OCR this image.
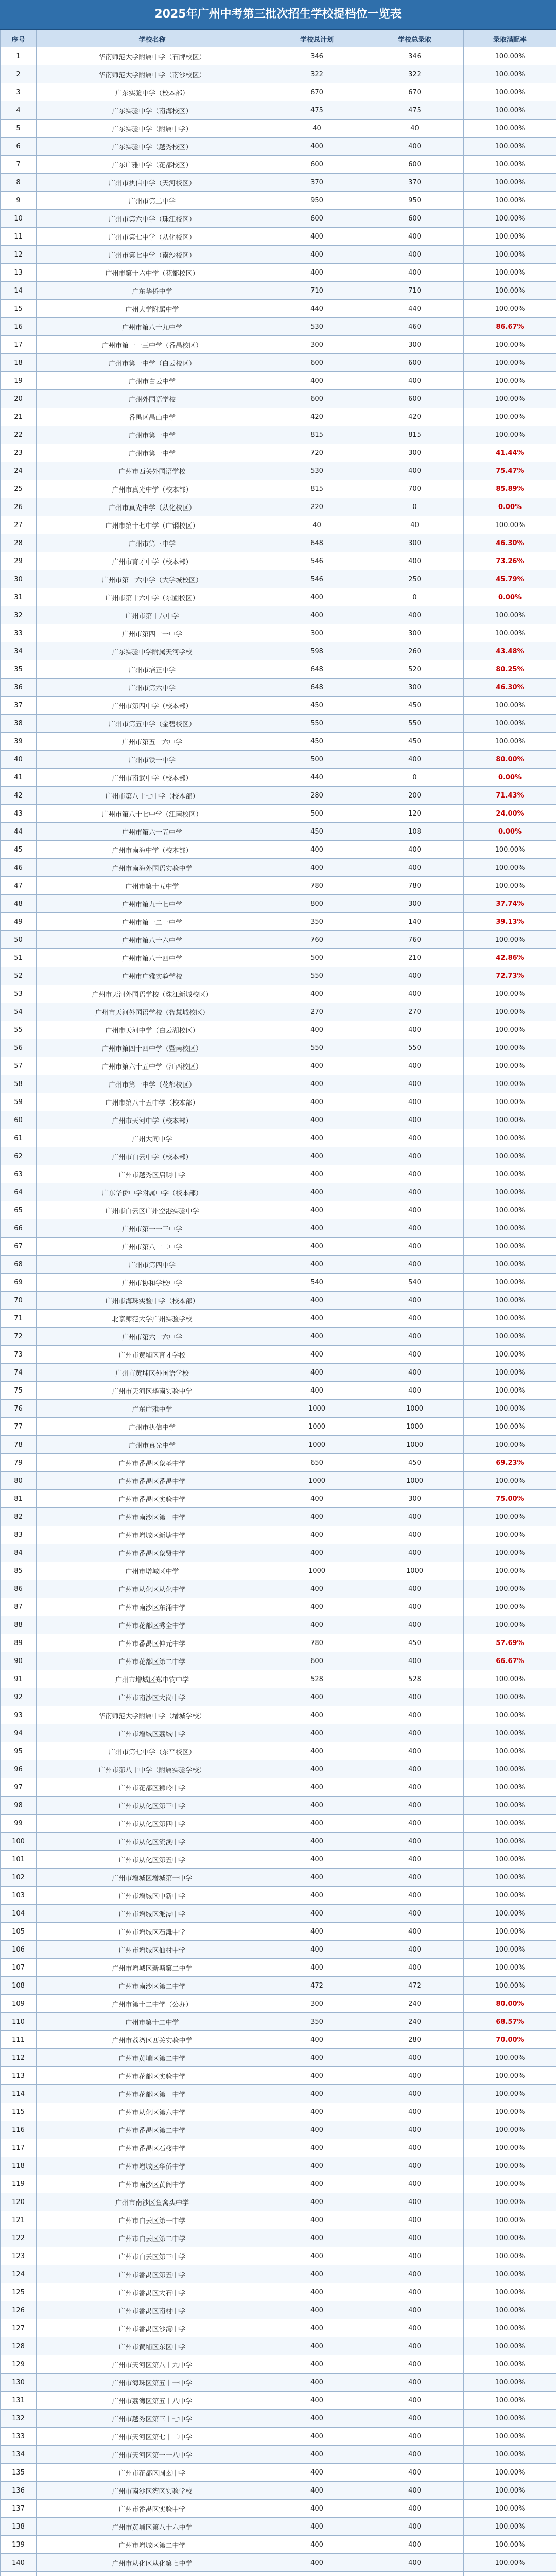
2025年广州中考第三批次招生学校提档位一览表
序号	学校名称	学校总计划	学校总录取	录取满配率
1	华南师范大学附属中学（石牌校区）	346	346	100.00%
2	华南师范大学附属中学（南沙校区）	322	322	100.00%
3	广东实验中学（校本部）	670	670	100.00%
4	广东实验中学（南海校区）	475	475	100.00%
5	广东实验中学（附属中学）	40	40	100.00%
6	广东实验中学（越秀校区）	400	400	100.00%
7	广东广雅中学（花都校区）	600	600	100.00%
8	广州市执信中学（天河校区）	370	370	100.00%
9	广州市第二中学	950	950	100.00%
10	广州市第六中学（珠江校区）	600	600	100.00%
11	广州市第七中学（从化校区）	400	400	100.00%
12	广州市第七中学（南沙校区）	400	400	100.00%
13	广州市第十六中学（花都校区）	400	400	100.00%
14	广东华侨中学	710	710	100.00%
15	广州大学附属中学	440	440	100.00%
16	广州市第八十九中学	530	460	86.67%
17	广州市第一一三中学（番禺校区）	300	300	100.00%
18	广州市第一中学（白云校区）	600	600	100.00%
19	广州市白云中学	400	400	100.00%
20	广州外国语学校	600	600	100.00%
21	番禺区禺山中学	420	420	100.00%
22	广州市第一中学	815	815	100.00%
23	广州市第一中学	720	300	41.44%
24	广州市西关外国语学校	530	400	75.47%
25	广州市真光中学（校本部）	815	700	85.89%
26	广州市真光中学（从化校区）	220	0	0.00%
27	广州市第十七中学（广钢校区）	40	40	100.00%
28	广州市第三中学	648	300	46.30%
29	广州市育才中学（校本部）	546	400	73.26%
30	广州市第十六中学（大学城校区）	546	250	45.79%
31	广州市第十六中学（东圃校区）	400	0	0.00%
32	广州市第十八中学	400	400	100.00%
33	广州市第四十一中学	300	300	100.00%
34	广东实验中学附属天河学校	598	260	43.48%
35	广州市培正中学	648	520	80.25%
36	广州市第六中学	648	300	46.30%
37	广州市第四中学（校本部）	450	450	100.00%
38	广州市第五中学（金碧校区）	550	550	100.00%
39	广州市第五十六中学	450	450	100.00%
40	广州市铁一中学	500	400	80.00%
41	广州市南武中学（校本部）	440	0	0.00%
42	广州市第八十七中学（校本部）	280	200	71.43%
43	广州市第八十七中学（江南校区）	500	120	24.00%
44	广州市第六十五中学	450	108	0.00%
45	广州市南海中学（校本部）	400	400	100.00%
46	广州市南海外国语实验中学	400	400	100.00%
47	广州市第十五中学	780	780	100.00%
48	广州市第九十七中学	800	300	37.74%
49	广州市第一二一中学	350	140	39.13%
50	广州市第八十六中学	760	760	100.00%
51	广州市第八十四中学	500	210	42.86%
52	广州市广雅实验学校	550	400	72.73%
53	广州市天河外国语学校（珠江新城校区）	400	400	100.00%
54	广州市天河外国语学校（智慧城校区）	270	270	100.00%
55	广州市天河中学（白云湖校区）	400	400	100.00%
56	广州市第四十四中学（暨南校区）	550	550	100.00%
57	广州市第六十五中学（江西校区）	400	400	100.00%
58	广州市第一中学（花都校区）	400	400	100.00%
59	广州市第八十五中学（校本部）	400	400	100.00%
60	广州市天河中学（校本部）	400	400	100.00%
61	广州大同中学	400	400	100.00%
62	广州市白云中学（校本部）	400	400	100.00%
63	广州市越秀区启明中学	400	400	100.00%
64	广东华侨中学附属中学（校本部）	400	400	100.00%
65	广州市白云区广州空港实验中学	400	400	100.00%
66	广州市第一一三中学	400	400	100.00%
67	广州市第八十二中学	400	400	100.00%
68	广州市第四中学	400	400	100.00%
69	广州市协和学校中学	540	540	100.00%
70	广州市海珠实验中学（校本部）	400	400	100.00%
71	北京师范大学广州实验学校	400	400	100.00%
72	广州市第六十六中学	400	400	100.00%
73	广州市黄埔区育才学校	400	400	100.00%
74	广州市黄埔区外国语学校	400	400	100.00%
75	广州市天河区华南实验中学	400	400	100.00%
76	广东广雅中学	1000	1000	100.00%
77	广州市执信中学	1000	1000	100.00%
78	广州市真光中学	1000	1000	100.00%
79	广州市番禺区象圣中学	650	450	69.23%
80	广州市番禺区番禺中学	1000	1000	100.00%
81	广州市番禺区实验中学	400	300	75.00%
82	广州市南沙区第一中学	400	400	100.00%
83	广州市增城区新塘中学	400	400	100.00%
84	广州市番禺区象贤中学	400	400	100.00%
85	广州市增城区中学	1000	1000	100.00%
86	广州市从化区从化中学	400	400	100.00%
87	广州市南沙区东涌中学	400	400	100.00%
88	广州市花都区秀全中学	400	400	100.00%
89	广州市番禺区仲元中学	780	450	57.69%
90	广州市花都区第二中学	600	400	66.67%
91	广州市增城区郑中钧中学	528	528	100.00%
92	广州市南沙区大岗中学	400	400	100.00%
93	华南师范大学附属中学（增城学校）	400	400	100.00%
94	广州市增城区荔城中学	400	400	100.00%
95	广州市第七中学（东平校区）	400	400	100.00%
96	广州市第八十中学（附属实验学校）	400	400	100.00%
97	广州市花都区狮岭中学	400	400	100.00%
98	广州市从化区第三中学	400	400	100.00%
99	广州市从化区第四中学	400	400	100.00%
100	广州市从化区流溪中学	400	400	100.00%
101	广州市从化区第五中学	400	400	100.00%
102	广州市增城区增城第一中学	400	400	100.00%
103	广州市增城区中新中学	400	400	100.00%
104	广州市增城区派潭中学	400	400	100.00%
105	广州市增城区石滩中学	400	400	100.00%
106	广州市增城区仙村中学	400	400	100.00%
107	广州市增城区新塘第二中学	400	400	100.00%
108	广州市南沙区第二中学	472	472	100.00%
109	广州市第十二中学（公办）	300	240	80.00%
110	广州市第十二中学	350	240	68.57%
111	广州市荔湾区西关实验中学	400	280	70.00%
112	广州市黄埔区第二中学	400	400	100.00%
113	广州市花都区实验中学	400	400	100.00%
114	广州市花都区第一中学	400	400	100.00%
115	广州市从化区第六中学	400	400	100.00%
116	广州市番禺区第二中学	400	400	100.00%
117	广州市番禺区石楼中学	400	400	100.00%
118	广州市增城区华侨中学	400	400	100.00%
119	广州市南沙区黄阁中学	400	400	100.00%
120	广州市南沙区鱼窝头中学	400	400	100.00%
121	广州市白云区第一中学	400	400	100.00%
122	广州市白云区第二中学	400	400	100.00%
123	广州市白云区第三中学	400	400	100.00%
124	广州市番禺区第五中学	400	400	100.00%
125	广州市番禺区大石中学	400	400	100.00%
126	广州市番禺区南村中学	400	400	100.00%
127	广州市番禺区沙湾中学	400	400	100.00%
128	广州市黄埔区东区中学	400	400	100.00%
129	广州市天河区第八十九中学	400	400	100.00%
130	广州市海珠区第五十一中学	400	400	100.00%
131	广州市荔湾区第五十八中学	400	400	100.00%
132	广州市越秀区第三十七中学	400	400	100.00%
133	广州市天河区第七十二中学	400	400	100.00%
134	广州市天河区第一一八中学	400	400	100.00%
135	广州市花都区圆玄中学	400	400	100.00%
136	广州市南沙区湾区实验学校	400	400	100.00%
137	广州市番禺区实验中学	400	400	100.00%
138	广州市黄埔区第八十六中学	400	400	100.00%
139	广州市增城区第二中学	400	400	100.00%
140	广州市从化区从化第七中学	400	400	100.00%
